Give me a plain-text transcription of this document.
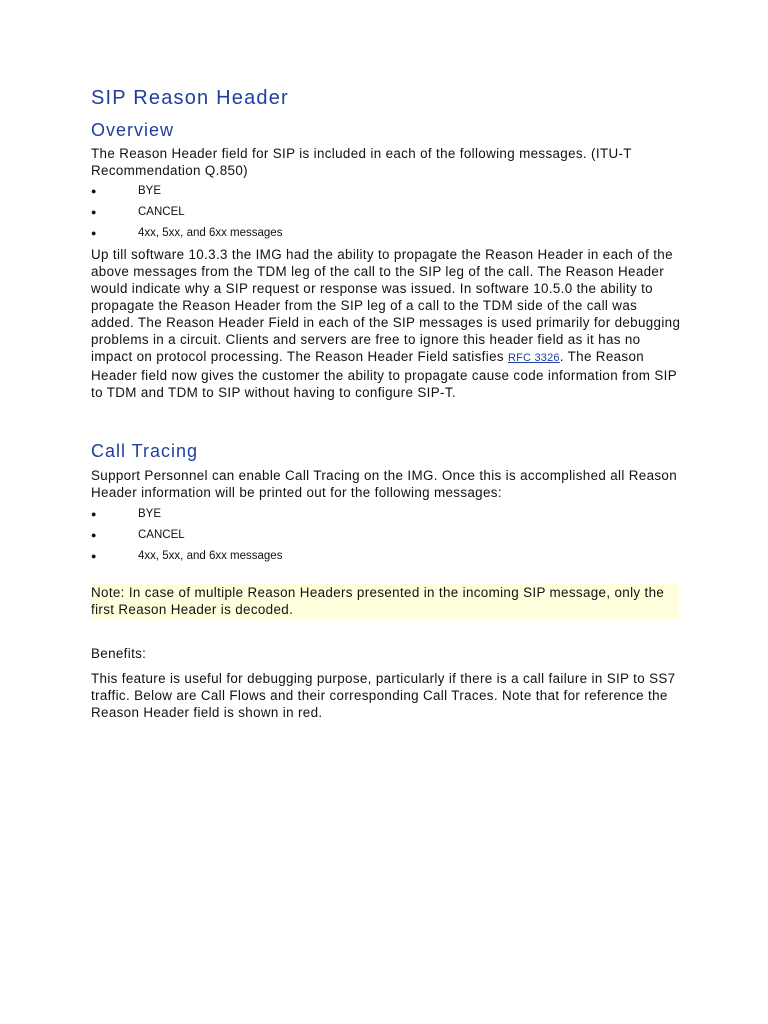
SIP Reason Header
Overview

The Reason Header field for SIP is included in each of the following messages. (ITU-T Recommendation Q.850)

●	BYE
●	CANCEL
●	4xx, 5xx, and 6xx messages

Up till software 10.3.3 the IMG had the ability to propagate the Reason Header in each of the above messages from the TDM leg of the call to the SIP leg of the call. The Reason Header would indicate why a SIP request or response was issued. In software 10.5.0 the ability to propagate the Reason Header from the SIP leg of a call to the TDM side of the call was added. The Reason Header Field in each of the SIP messages is used primarily for debugging problems in a circuit. Clients and servers are free to ignore this header field as it has no impact on protocol processing. The Reason Header Field satisfies RFC 3326. The Reason Header field now gives the customer the ability to propagate cause code information from SIP to TDM and TDM to SIP without having to configure SIP-T.

Call Tracing

Support Personnel can enable Call Tracing on the IMG. Once this is accomplished all Reason Header information will be printed out for the following messages:

●	BYE
●	CANCEL
●	4xx, 5xx, and 6xx messages

Note: In case of multiple Reason Headers presented in the incoming SIP message, only the first Reason Header is decoded.

Benefits:

This feature is useful for debugging purpose, particularly if there is a call failure in SIP to SS7 traffic. Below are Call Flows and their corresponding Call Traces. Note that for reference the Reason Header field is shown in red.
